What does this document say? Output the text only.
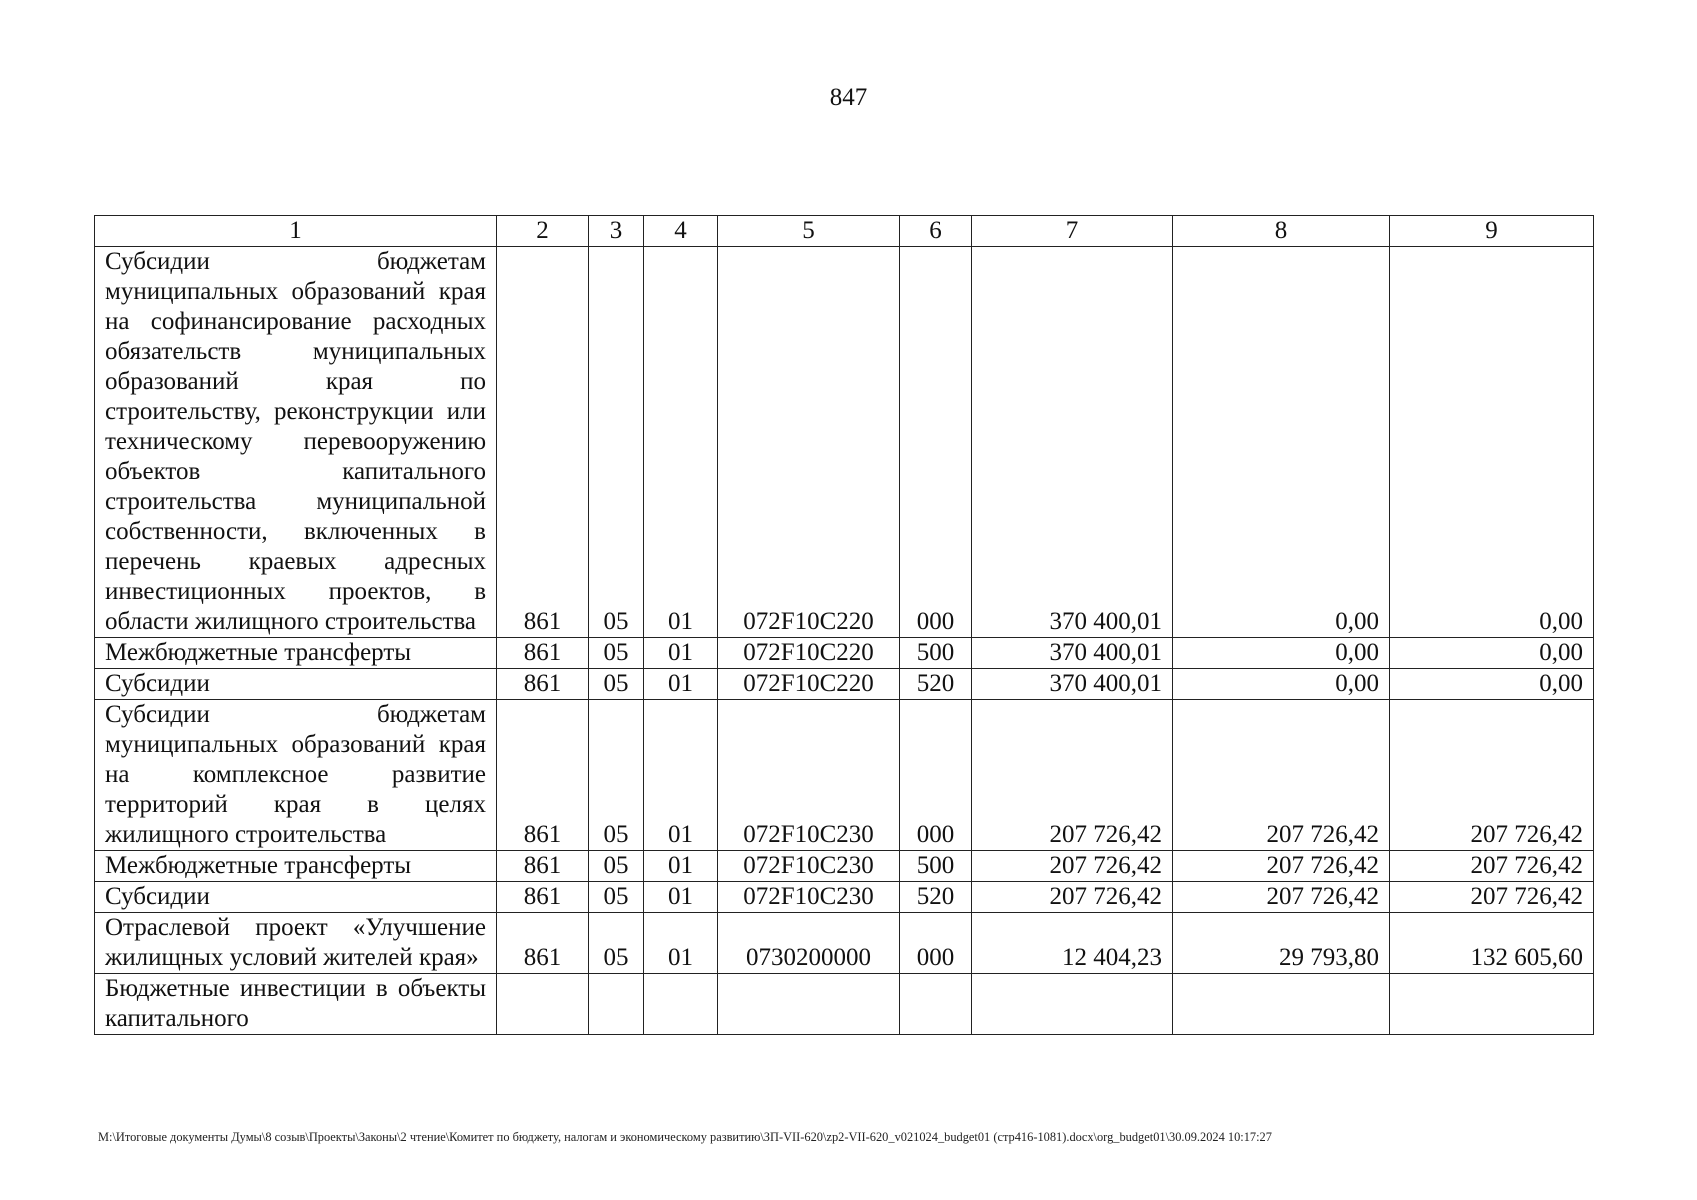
847
1	2	3	4	5	6	7	8	9
Субсидии бюджетам муниципальных образований края на софинансирование расходных обязательств муниципальных образований края по строительству, реконструкции или техническому перевооружению объектов капитального строительства муниципальной собственности, включенных в перечень краевых адресных инвестиционных проектов, в области жилищного строительства	861	05	01	072F10С220	000	370 400,01	0,00	0,00
Межбюджетные трансферты	861	05	01	072F10С220	500	370 400,01	0,00	0,00
Субсидии	861	05	01	072F10С220	520	370 400,01	0,00	0,00
Субсидии бюджетам муниципальных образований края на комплексное развитие территорий края в целях жилищного строительства	861	05	01	072F10С230	000	207 726,42	207 726,42	207 726,42
Межбюджетные трансферты	861	05	01	072F10С230	500	207 726,42	207 726,42	207 726,42
Субсидии	861	05	01	072F10С230	520	207 726,42	207 726,42	207 726,42
Отраслевой проект «Улучшение жилищных условий жителей края»	861	05	01	0730200000	000	12 404,23	29 793,80	132 605,60
Бюджетные инвестиции в объекты капитального								
M:\Итоговые документы Думы\8 созыв\Проекты\Законы\2 чтение\Комитет по бюджету, налогам и экономическому развитию\ЗП-VII-620\zp2-VII-620_v021024_budget01 (стр416-1081).docx\org_budget01\30.09.2024 10:17:27
